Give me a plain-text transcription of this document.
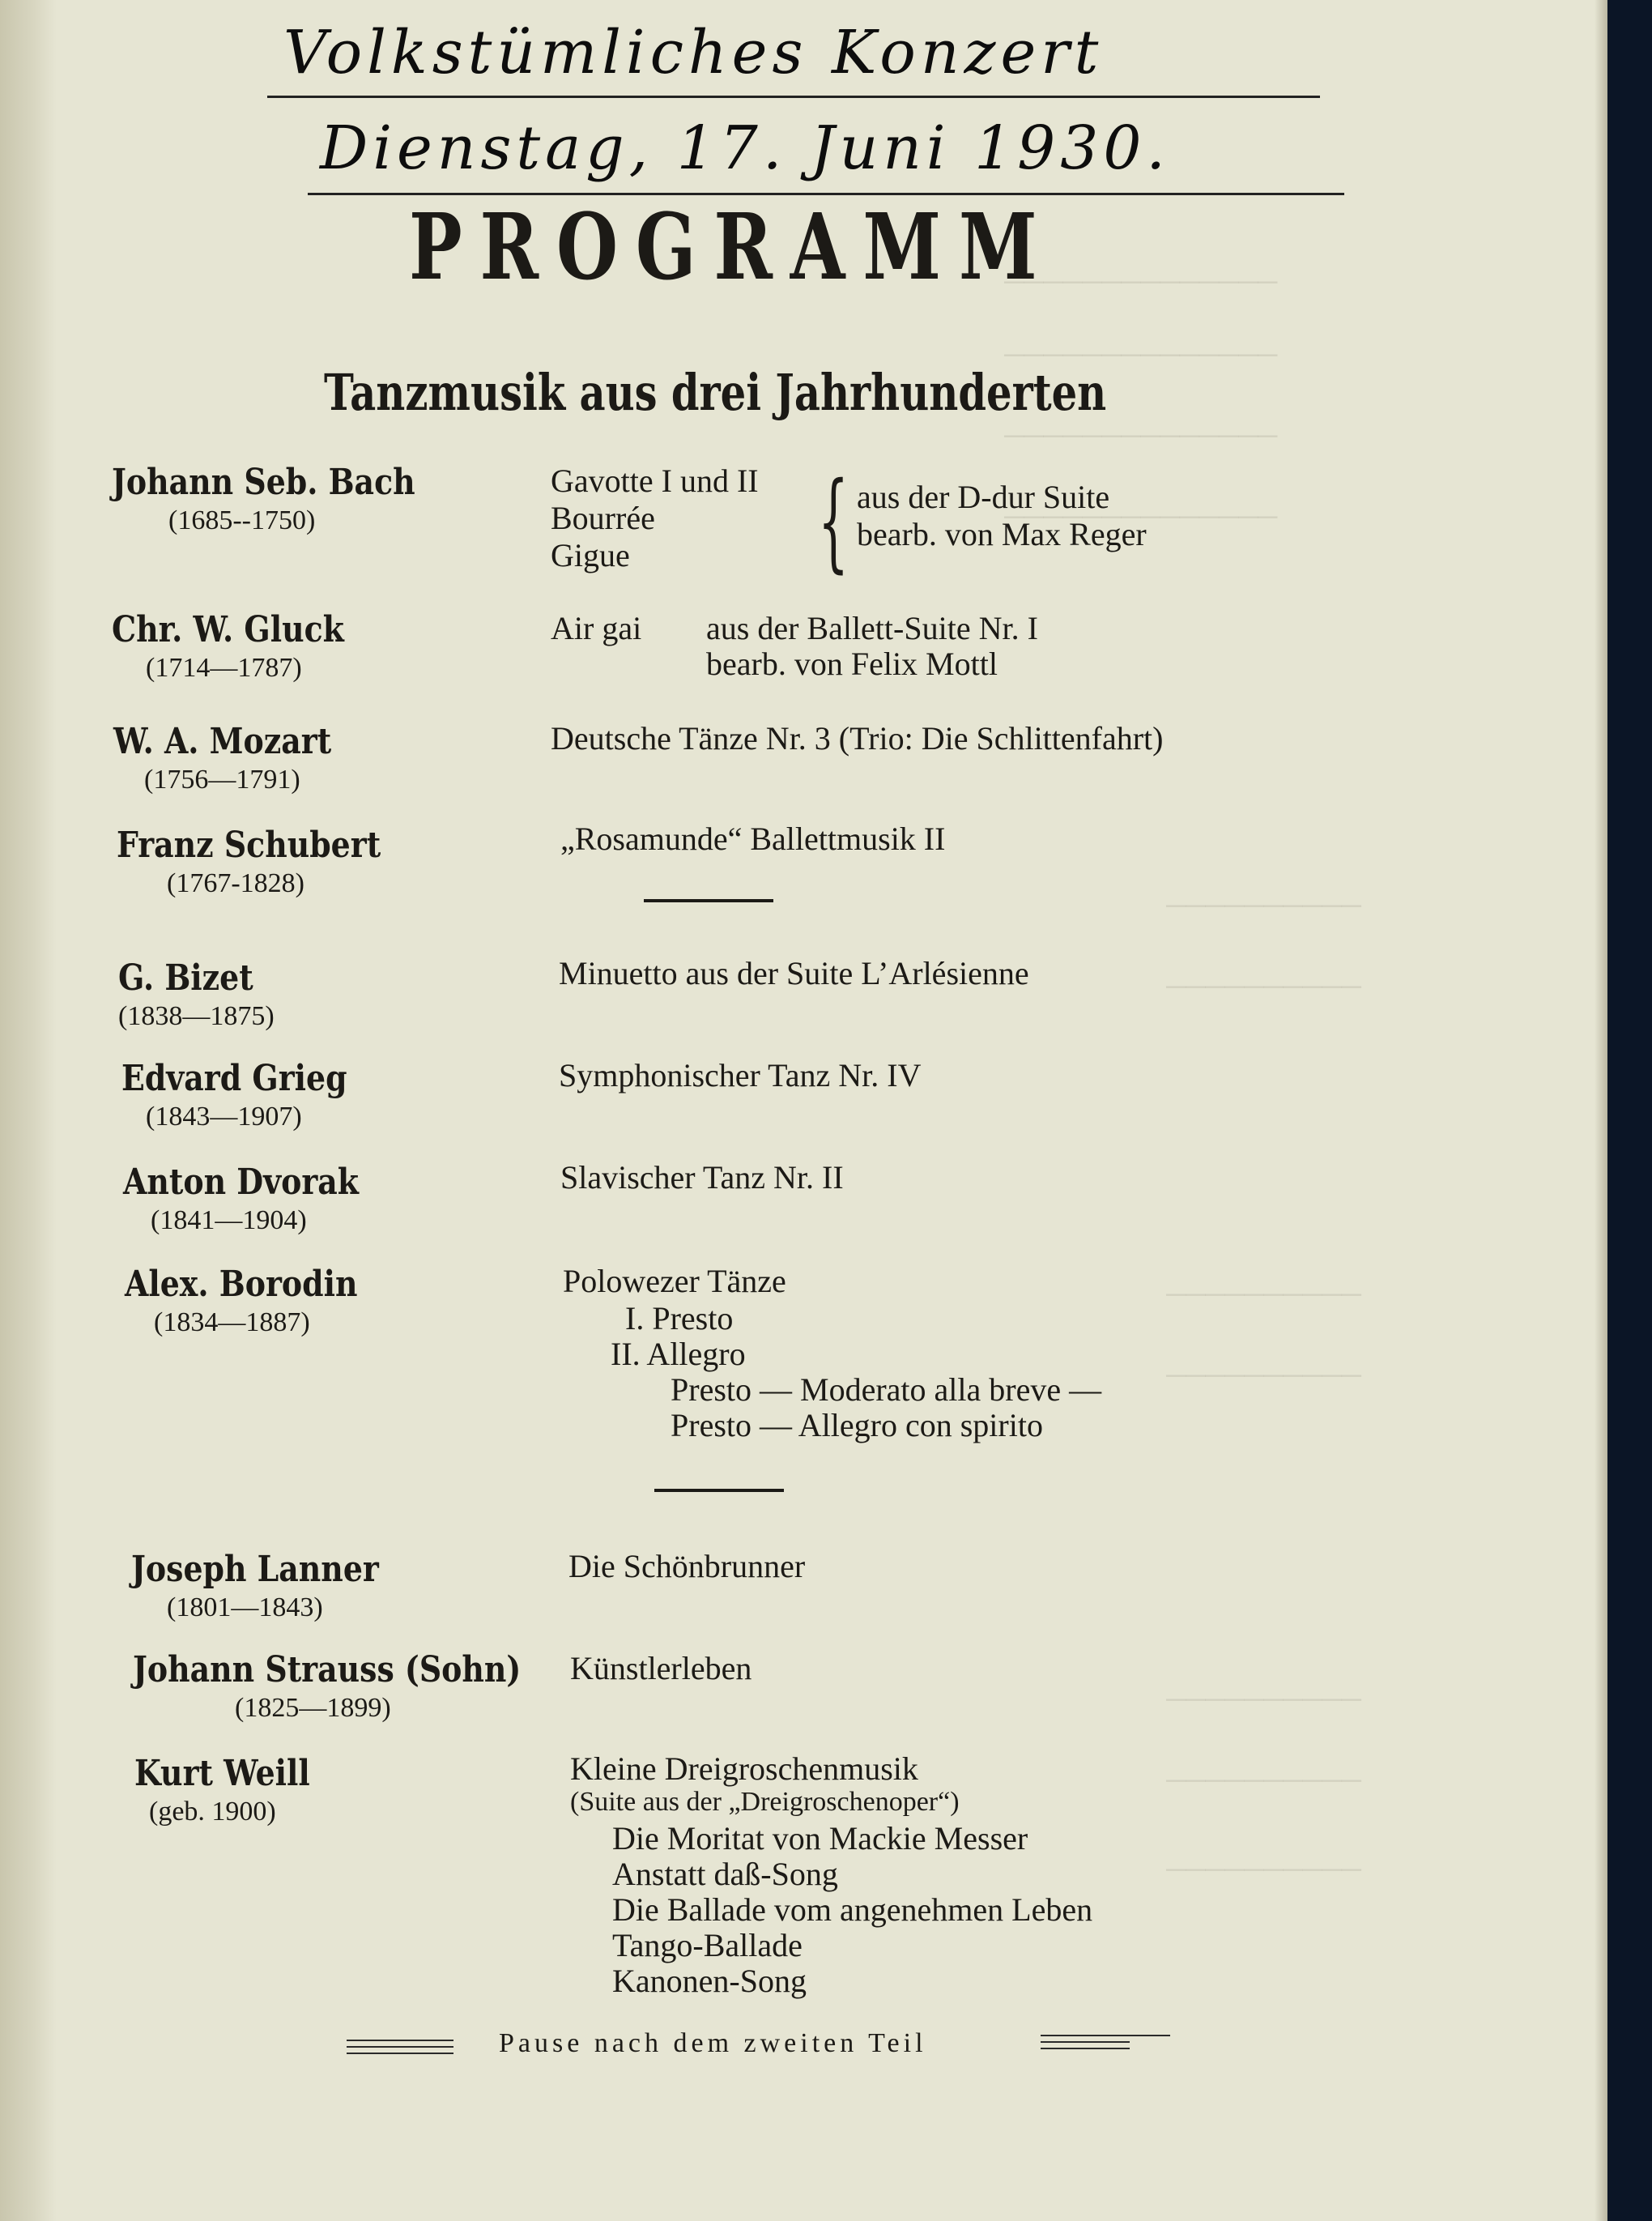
──────────────
──────────────
──────────────
──────────────
──────────
──────────
──────────
──────────
──────────
──────────
──────────
Volkstümliches Konzert
Dienstag, 17. Juni 1930.
PROGRAMM
Tanzmusik aus drei Jahrhunderten
Johann Seb. Bach
(1685--1750)
Gavotte I und II
Bourrée
Gigue	{ aus der D-dur Suite
bearb. von Max Reger
Chr. W. Gluck
(1714—1787)
Air gai aus der Ballett-Suite Nr. I
bearb. von Felix Mottl
W. A. Mozart
(1756—1791)
Deutsche Tänze Nr. 3 (Trio: Die Schlittenfahrt)
Franz Schubert
(1767-1828)
„Rosamunde“ Ballettmusik II
G. Bizet
(1838—1875)
Minuetto aus der Suite L’Arlésienne
Edvard Grieg
(1843—1907)
Symphonischer Tanz Nr. IV
Anton Dvorak
(1841—1904)
Slavischer Tanz Nr. II
Alex. Borodin
(1834—1887)
Polowezer Tänze
I. Presto
II. Allegro
Presto — Moderato alla breve —
Presto — Allegro con spirito
Joseph Lanner
(1801—1843)
Die Schönbrunner
Johann Strauss (Sohn)
(1825—1899)
Künstlerleben
Kurt Weill
(geb. 1900)
Kleine Dreigroschenmusik
(Suite aus der „Dreigroschenoper“)
Die Moritat von Mackie Messer
Anstatt daß-Song
Die Ballade vom angenehmen Leben
Tango-Ballade
Kanonen-Song
Pause nach dem zweiten Teil
